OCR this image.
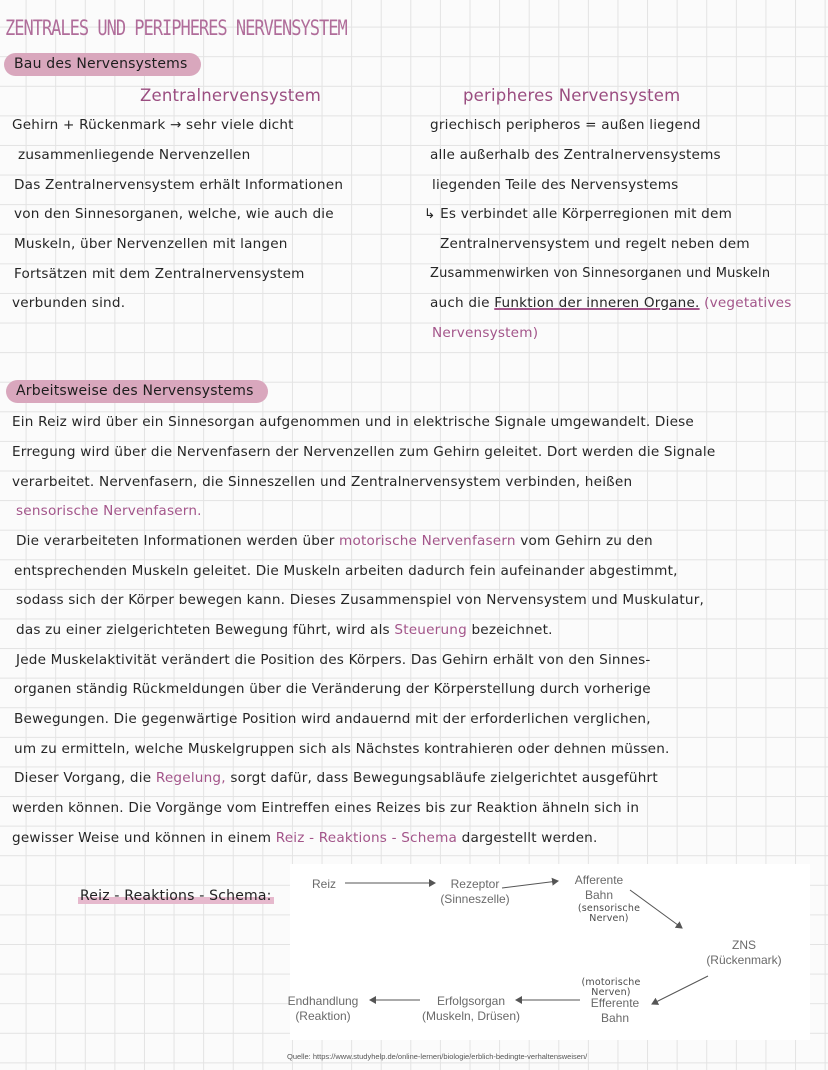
ZENTRALES UND PERIPHERES NERVENSYSTEM
Bau des Nervensystems
Zentralnervensystem	peripheres Nervensystem
Gehirn + Rückenmark → sehr viele dicht
zusammenliegende Nervenzellen
Das Zentralnervensystem erhält Informationen
von den Sinnesorganen, welche, wie auch die
Muskeln, über Nervenzellen mit langen
Fortsätzen mit dem Zentralnervensystem
verbunden sind.
griechisch peripheros = außen liegend
alle außerhalb des Zentralnervensystems
liegenden Teile des Nervensystems
↳ Es verbindet alle Körperregionen mit dem
Zentralnervensystem und regelt neben dem
Zusammenwirken von Sinnesorganen und Muskeln
auch die Funktion der inneren Organe. (vegetatives
Nervensystem)
Arbeitsweise des Nervensystems
Ein Reiz wird über ein Sinnesorgan aufgenommen und in elektrische Signale umgewandelt. Diese
Erregung wird über die Nervenfasern der Nervenzellen zum Gehirn geleitet. Dort werden die Signale
verarbeitet. Nervenfasern, die Sinneszellen und Zentralnervensystem verbinden, heißen
sensorische Nervenfasern.
Die verarbeiteten Informationen werden über motorische Nervenfasern vom Gehirn zu den
entsprechenden Muskeln geleitet. Die Muskeln arbeiten dadurch fein aufeinander abgestimmt,
sodass sich der Körper bewegen kann. Dieses Zusammenspiel von Nervensystem und Muskulatur,
das zu einer zielgerichteten Bewegung führt, wird als Steuerung bezeichnet.
Jede Muskelaktivität verändert die Position des Körpers. Das Gehirn erhält von den Sinnes-
organen ständig Rückmeldungen über die Veränderung der Körperstellung durch vorherige
Bewegungen. Die gegenwärtige Position wird andauernd mit der erforderlichen verglichen,
um zu ermitteln, welche Muskelgruppen sich als Nächstes kontrahieren oder dehnen müssen.
Dieser Vorgang, die Regelung, sorgt dafür, dass Bewegungsabläufe zielgerichtet ausgeführt
werden können. Die Vorgänge vom Eintreffen eines Reizes bis zur Reaktion ähneln sich in
gewisser Weise und können in einem Reiz - Reaktions - Schema dargestellt werden.
Reiz - Reaktions - Schema:
Reiz	Rezeptor
(Sinneszelle)
Afferente
Bahn
(sensorische
Nerven)
ZNS
(Rückenmark)
(motorische
Nerven)
Efferente
Bahn
Erfolgsorgan
(Muskeln, Drüsen)
Endhandlung
(Reaktion)
Quelle: https://www.studyhelp.de/online-lernen/biologie/erblich-bedingte-verhaltensweisen/
